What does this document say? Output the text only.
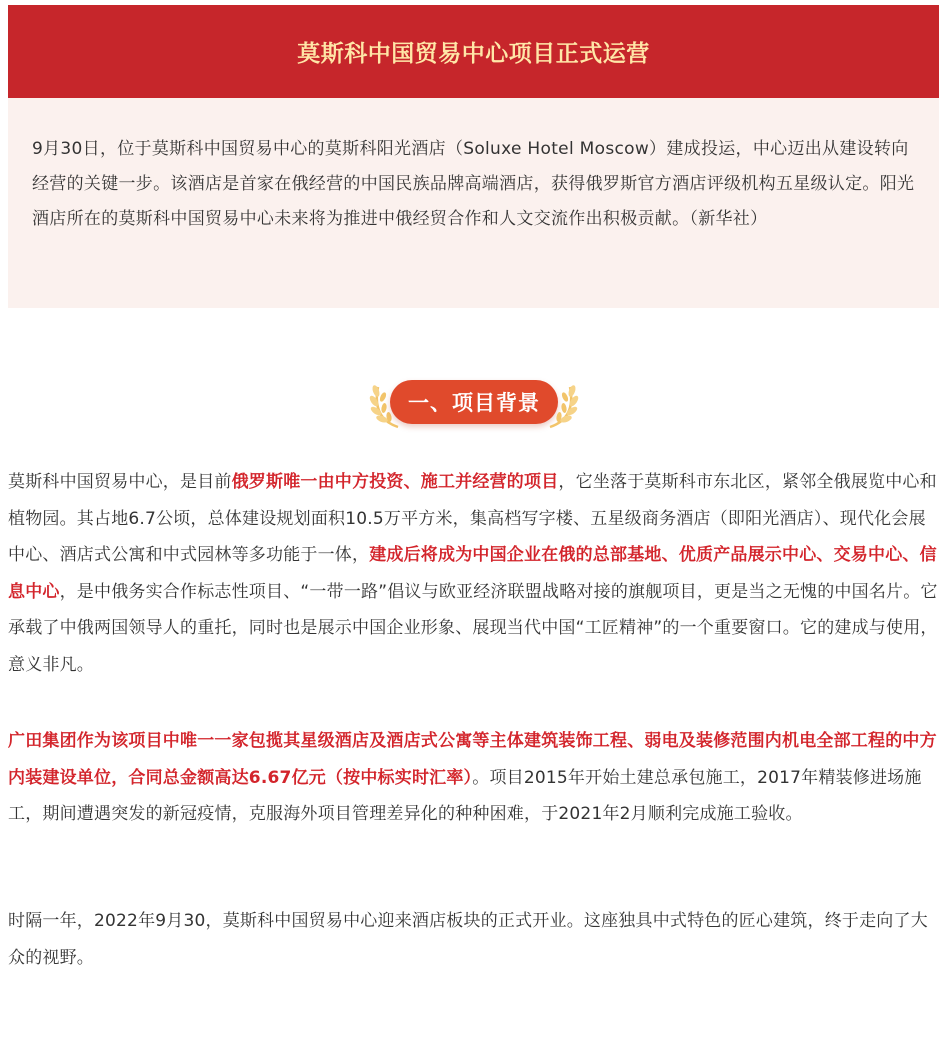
莫斯科中国贸易中心项目正式运营

9月30日，位于莫斯科中国贸易中心的莫斯科阳光酒店（Soluxe Hotel Moscow）建成投运，中心迈出从建设转向经营的关键一步。该酒店是首家在俄经营的中国民族品牌高端酒店，获得俄罗斯官方酒店评级机构五星级认定。阳光酒店所在的莫斯科中国贸易中心未来将为推进中俄经贸合作和人文交流作出积极贡献。（新华社）

一、项目背景

莫斯科中国贸易中心，是目前俄罗斯唯一由中方投资、施工并经营的项目，它坐落于莫斯科市东北区，紧邻全俄展览中心和植物园。其占地6.7公顷，总体建设规划面积10.5万平方米，集高档写字楼、五星级商务酒店（即阳光酒店）、现代化会展中心、酒店式公寓和中式园林等多功能于一体，建成后将成为中国企业在俄的总部基地、优质产品展示中心、交易中心、信息中心，是中俄务实合作标志性项目、“一带一路”倡议与欧亚经济联盟战略对接的旗舰项目，更是当之无愧的中国名片。它承载了中俄两国领导人的重托，同时也是展示中国企业形象、展现当代中国“工匠精神”的一个重要窗口。它的建成与使用，意义非凡。

广田集团作为该项目中唯一一家包揽其星级酒店及酒店式公寓等主体建筑装饰工程、弱电及装修范围内机电全部工程的中方内装建设单位，合同总金额高达6.67亿元（按中标实时汇率）。项目2015年开始土建总承包施工，2017年精装修进场施工，期间遭遇突发的新冠疫情，克服海外项目管理差异化的种种困难，于2021年2月顺利完成施工验收。

时隔一年，2022年9月30，莫斯科中国贸易中心迎来酒店板块的正式开业。这座独具中式特色的匠心建筑，终于走向了大众的视野。
